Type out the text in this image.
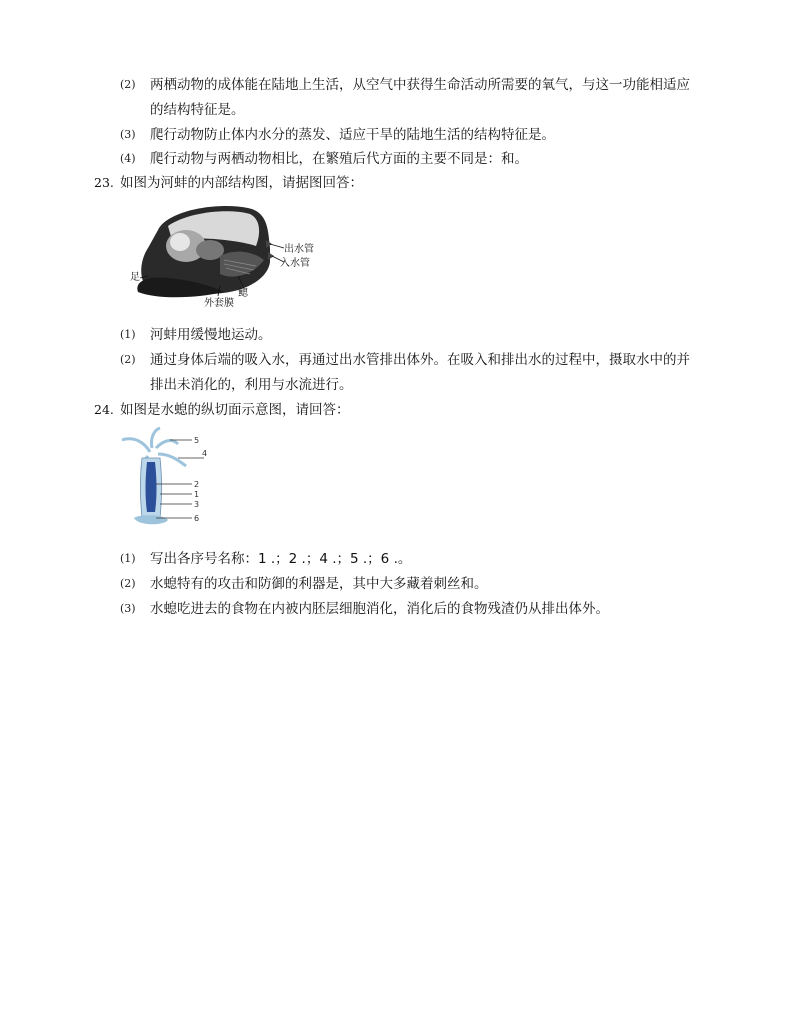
(2) 两栖动物的成体能在陆地上生活，从空气中获得生命活动所需要的氧气，与这一功能相适应
的结构特征是。
(3) 爬行动物防止体内水分的蒸发、适应干旱的陆地生活的结构特征是。
(4) 爬行动物与两栖动物相比，在繁殖后代方面的主要不同是：和。
23. 如图为河蚌的内部结构图，请据图回答：
出水管
入水管
足
外套膜
鳃
(1) 河蚌用缓慢地运动。
(2) 通过身体后端的吸入水，再通过出水管排出体外。在吸入和排出水的过程中，摄取水中的并
排出未消化的，利用与水流进行。
24. 如图是水螅的纵切面示意图，请回答：
5
4
2
1
3
6
(1) 写出各序号名称：1 .；2 .；4 .；5 .；6 .。
(2) 水螅特有的攻击和防御的利器是，其中大多藏着刺丝和。
(3) 水螅吃进去的食物在内被内胚层细胞消化，消化后的食物残渣仍从排出体外。
